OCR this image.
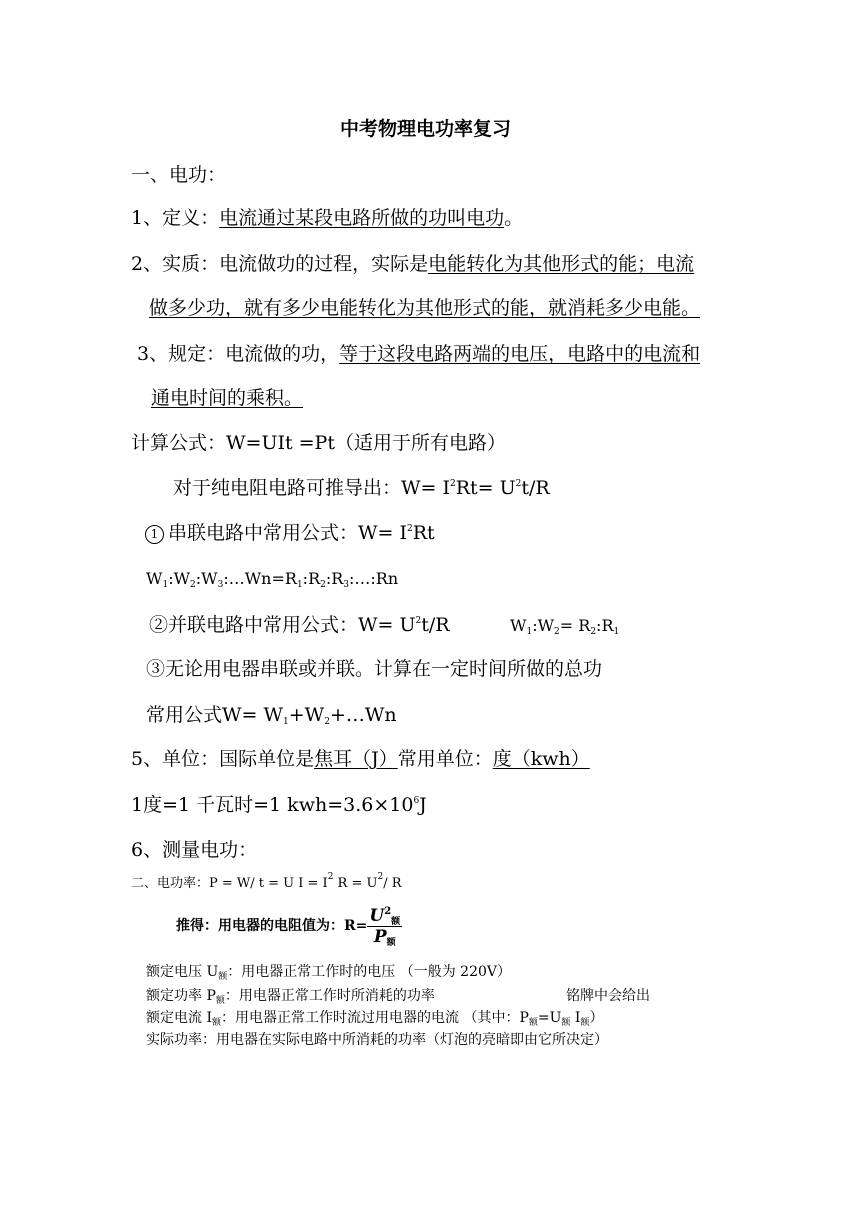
中考物理电功率复习
一、电功：
1、定义：电流通过某段电路所做的功叫电功。
2、实质：电流做功的过程，实际是电能转化为其他形式的能；电流
做多少功，就有多少电能转化为其他形式的能，就消耗多少电能。
3、规定：电流做的功，等于这段电路两端的电压，电路中的电流和
通电时间的乘积。
计算公式：W=UIt =Pt（适用于所有电路）
对于纯电阻电路可推导出：$W= I^2Rt= U^2t/R$
1 串联电路中常用公式：$W= I^2Rt$
$W_1:W_2:W_3:\dots Wn=R_1:R_2:R_3:\dots:Rn$
②并联电路中常用公式：$W= U^2t/R$	$W_1:W_2=$ $R_2:R_1$
③无论用电器串联或并联。计算在一定时间所做的总功
常用公式$W= W_1+W_2+\dots Wn$
5、单位：国际单位是焦耳（J）常用单位：度（kwh）
1度=1 千瓦时=1 $kwh=3.6\times 10^6J$
6、测量电功：
二、电功率：P = W/ t = U $I = I^2$ $R = U^2/$ R
推得：用电器的电阻值为：$R= \frac{U^2_额}{P_额}$
额定电压 $U_额$：用电器正常工作时的电压 （一般为 220V）
额定功率 $P_额$：用电器正常工作时所消耗的功率	铭牌中会给出
额定电流 $I_额$：用电器正常工作时流过用电器的电流 （其中：$P_额=U_额$ $I_额$）
实际功率：用电器在实际电路中所消耗的功率（灯泡的亮暗即由它所决定）
